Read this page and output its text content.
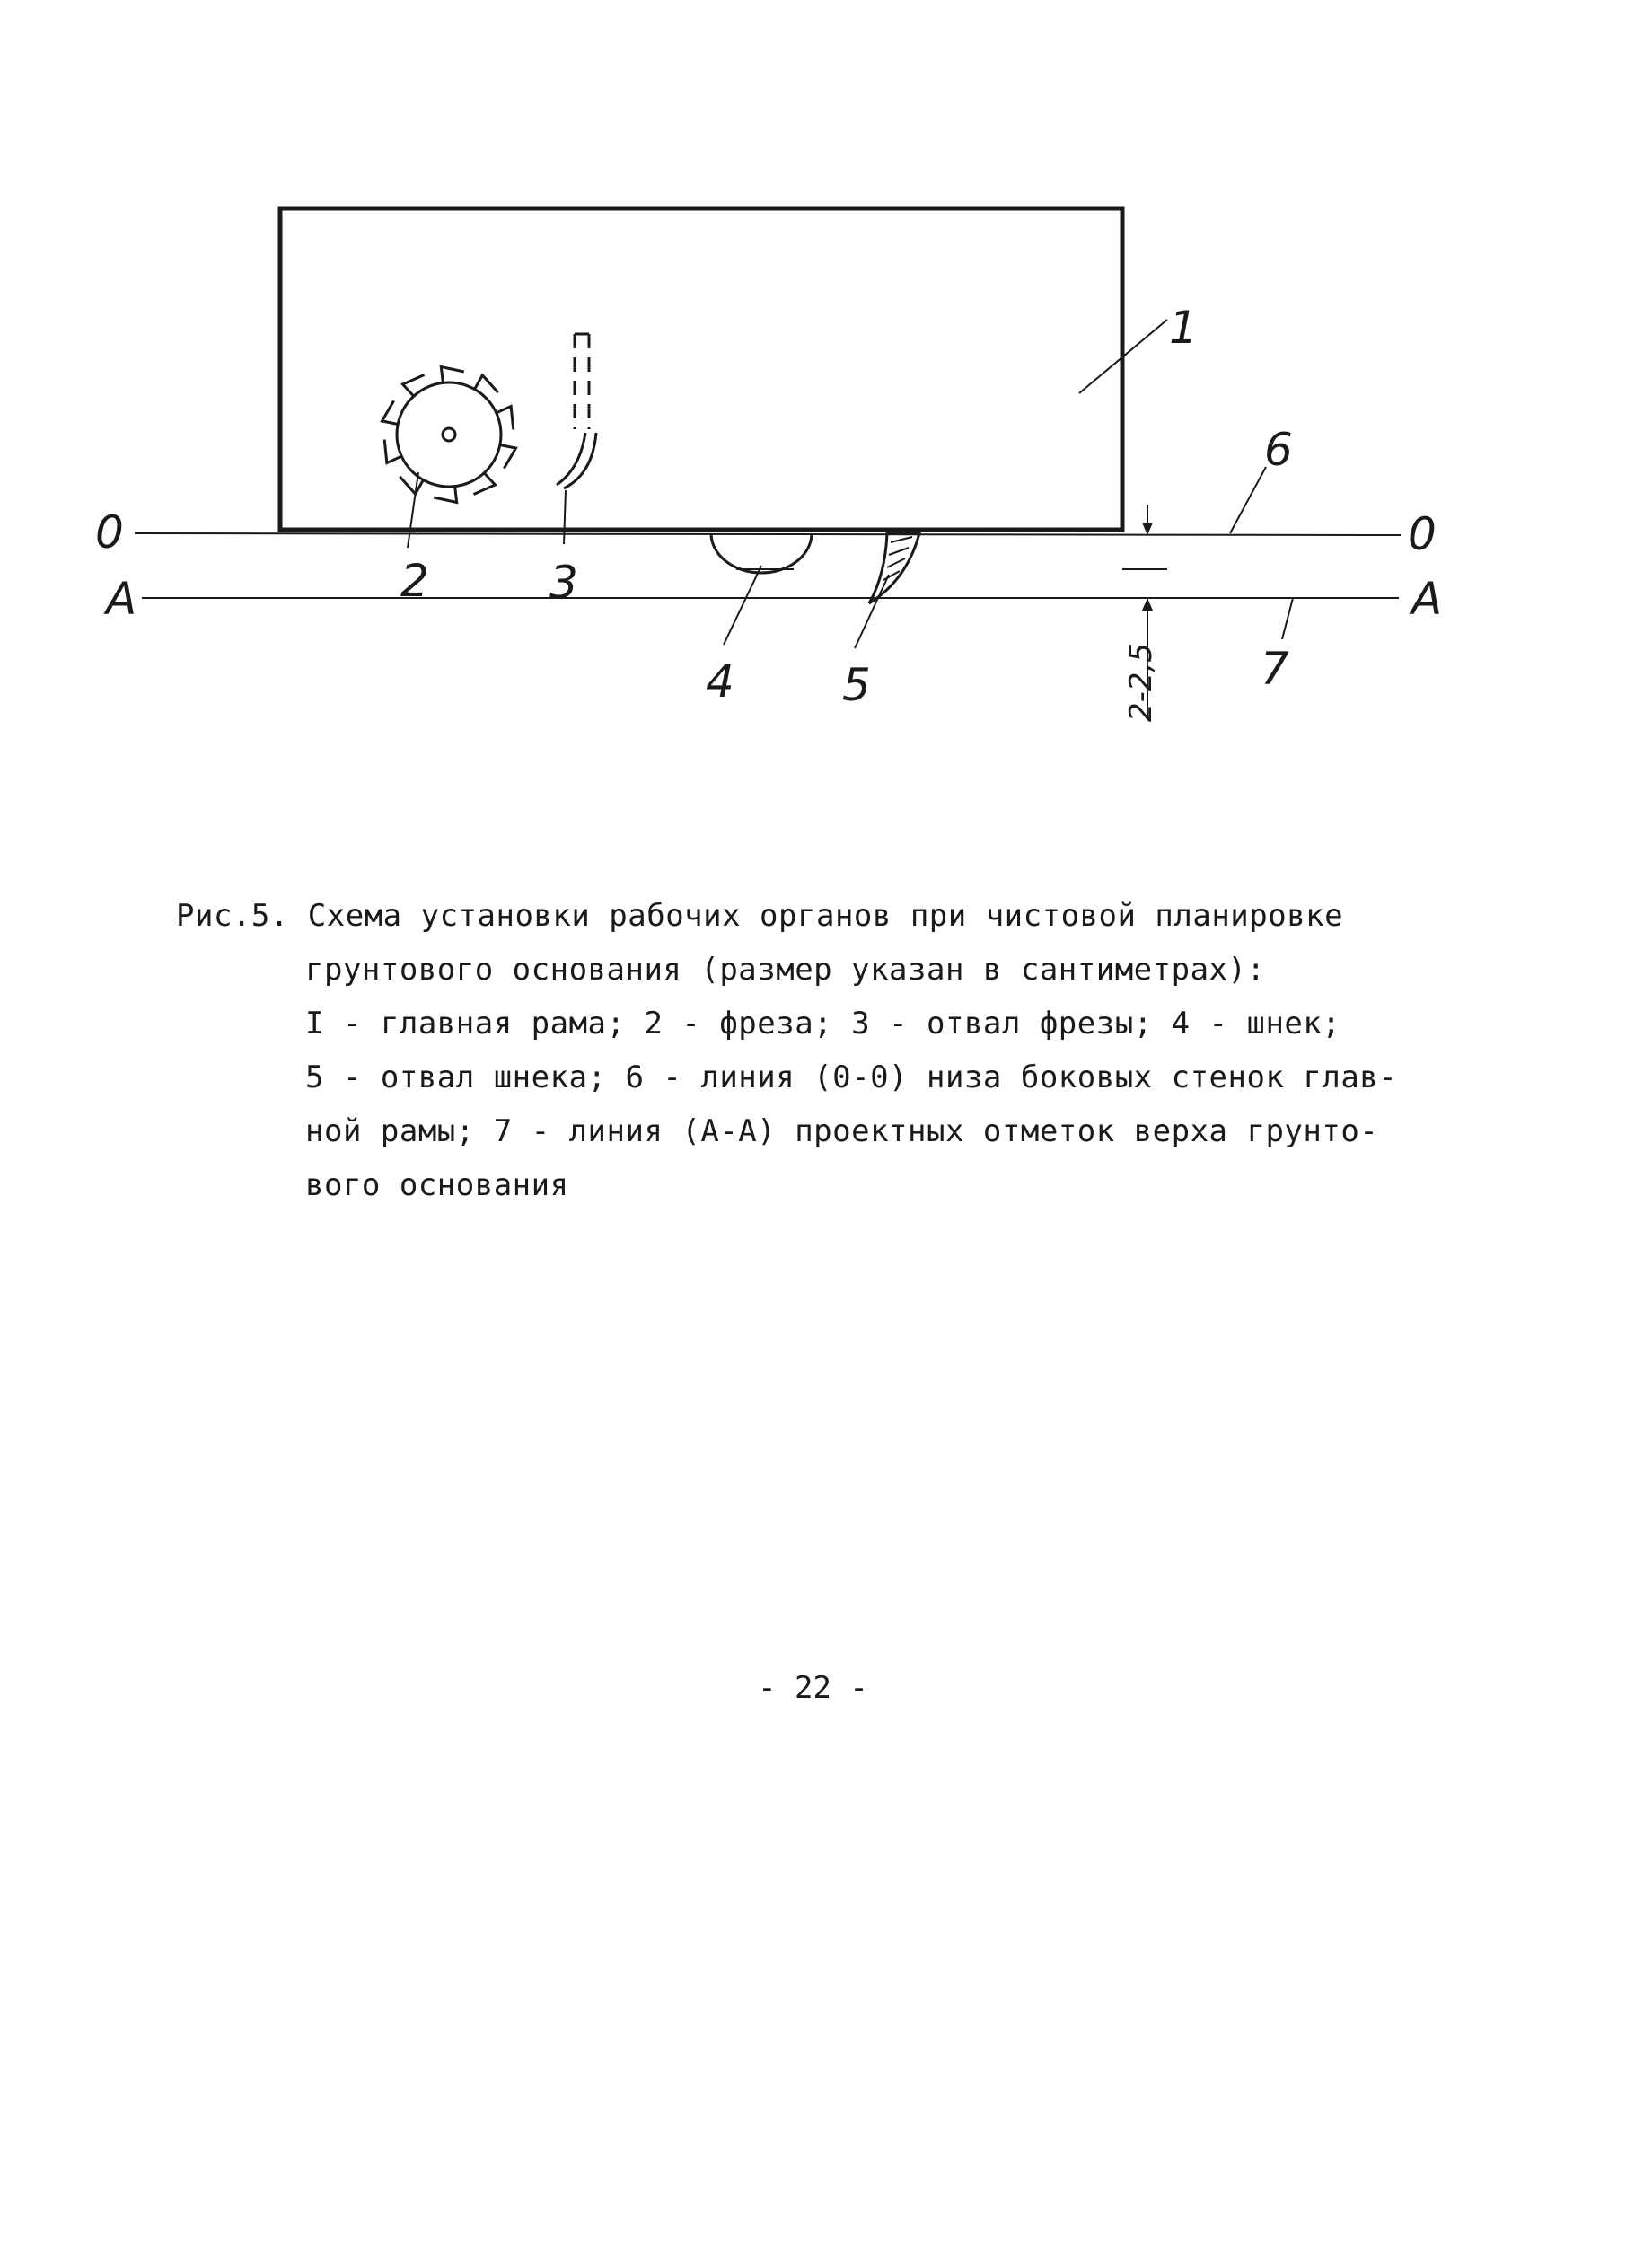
1
2	3
4 5
6
7
0	0
A	A
2-2,5
Рис.5. Схема установки рабочих органов при чистовой планировке
грунтового основания (размер указан в сантиметрах):
I - главная рама; 2 - фреза; 3 - отвал фрезы; 4 - шнек;
5 - отвал шнека; 6 - линия (0-0) низа боковых стенок глав-
ной рамы; 7 - линия (А-А) проектных отметок верха грунто-
вого основания
- 22 -
